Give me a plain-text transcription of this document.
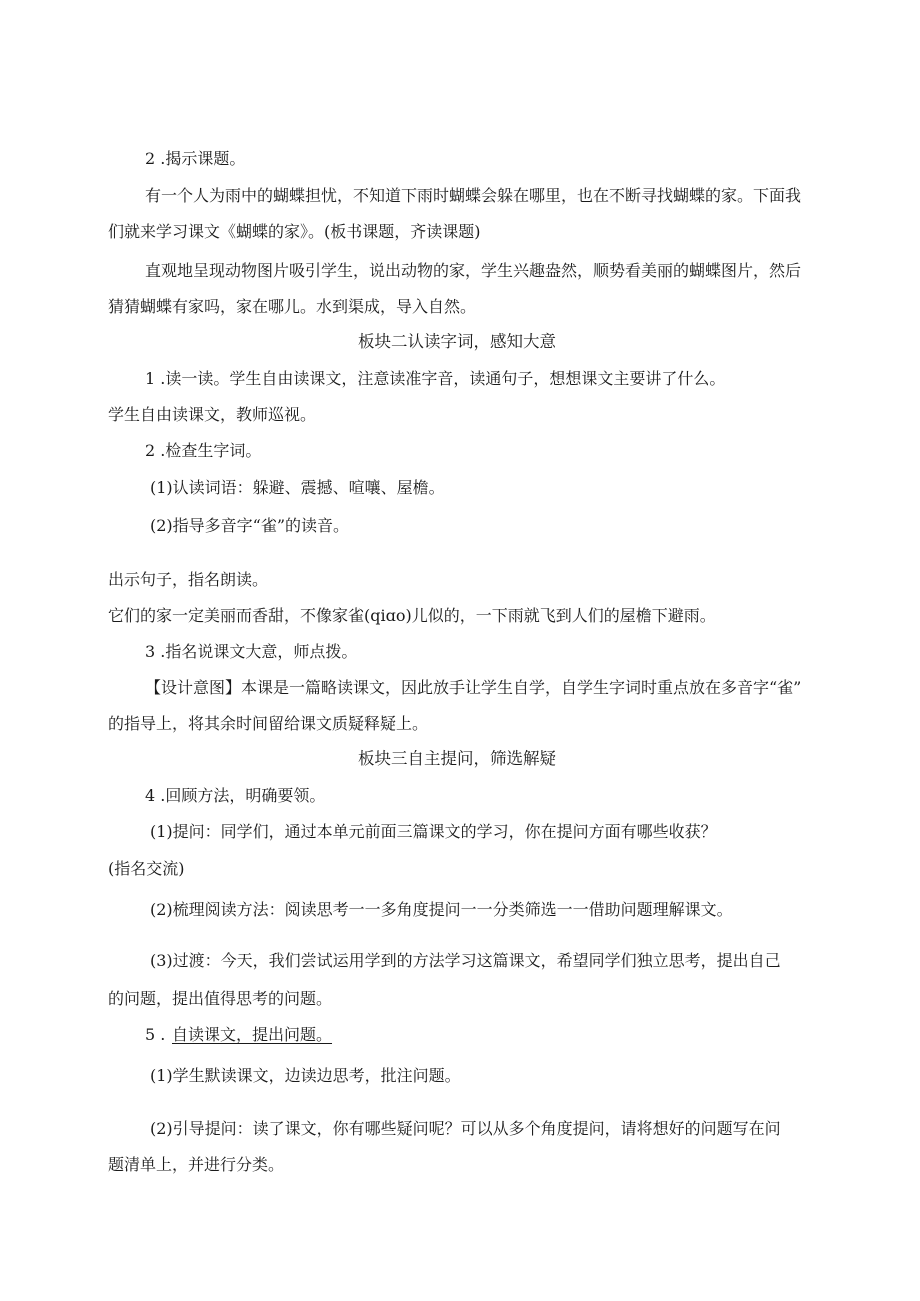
2 .揭示课题。
有一个人为雨中的蝴蝶担忧，不知道下雨时蝴蝶会躲在哪里，也在不断寻找蝴蝶的家。下面我
们就来学习课文《蝴蝶的家》。(板书课题，齐读课题)
直观地呈现动物图片吸引学生，说出动物的家，学生兴趣盎然，顺势看美丽的蝴蝶图片，然后
猜猜蝴蝶有家吗，家在哪儿。水到渠成，导入自然。
板块二认读字词，感知大意
1 .读一读。学生自由读课文，注意读准字音，读通句子，想想课文主要讲了什么。
学生自由读课文，教师巡视。
2 .检查生字词。
(1)认读词语：躲避、震撼、喧嚷、屋檐。
(2)指导多音字“雀”的读音。
出示句子，指名朗读。
它们的家一定美丽而香甜，不像家雀(qiɑo)儿似的，一下雨就飞到人们的屋檐下避雨。
3 .指名说课文大意，师点拨。
【设计意图】本课是一篇略读课文，因此放手让学生自学，自学生字词时重点放在多音字“雀”
的指导上，将其余时间留给课文质疑释疑上。
板块三自主提问，筛选解疑
4 .回顾方法，明确要领。
(1)提问：同学们，通过本单元前面三篇课文的学习，你在提问方面有哪些收获？
(指名交流)
(2)梳理阅读方法：阅读思考一一多角度提问一一分类筛选一一借助问题理解课文。
(3)过渡：今天，我们尝试运用学到的方法学习这篇课文，希望同学们独立思考，提出自己
的问题，提出值得思考的问题。
5 . 自读课文，提出问题。
(1)学生默读课文，边读边思考，批注问题。
(2)引导提问：读了课文，你有哪些疑问呢？可以从多个角度提问，请将想好的问题写在问
题清单上，并进行分类。
